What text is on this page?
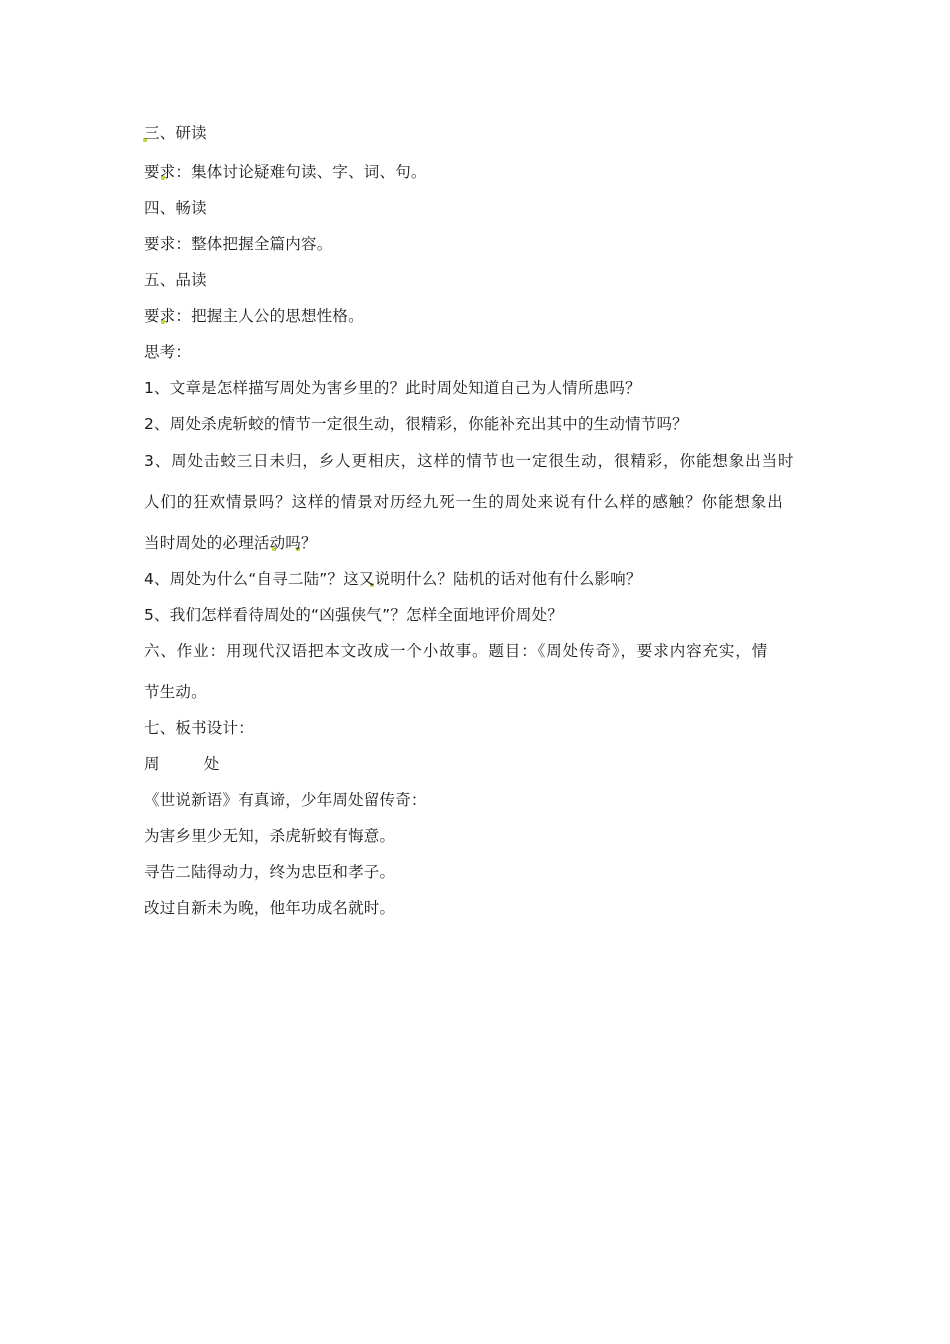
三、研读
要求：集体讨论疑难句读、字、词、句。
四、畅读
要求：整体把握全篇内容。
五、品读
要求：把握主人公的思想性格。
思考：
1、文章是怎样描写周处为害乡里的？此时周处知道自己为人情所患吗？
2、周处杀虎斩蛟的情节一定很生动，很精彩，你能补充出其中的生动情节吗？
3、周处击蛟三日未归，乡人更相庆，这样的情节也一定很生动，很精彩，你能想象出当时
人们的狂欢情景吗？这样的情景对历经九死一生的周处来说有什么样的感触？你能想象出
当时周处的必理活动吗？
4、周处为什么“自寻二陆”？这又说明什么？陆机的话对他有什么影响？
5、我们怎样看待周处的“凶强侠气”？怎样全面地评价周处？
六、作业：用现代汉语把本文改成一个小故事。题目：《周处传奇》，要求内容充实，情
节生动。
七、板书设计：
周	处
《世说新语》有真谛，少年周处留传奇：
为害乡里少无知，杀虎斩蛟有悔意。
寻告二陆得动力，终为忠臣和孝子。
改过自新未为晚，他年功成名就时。
